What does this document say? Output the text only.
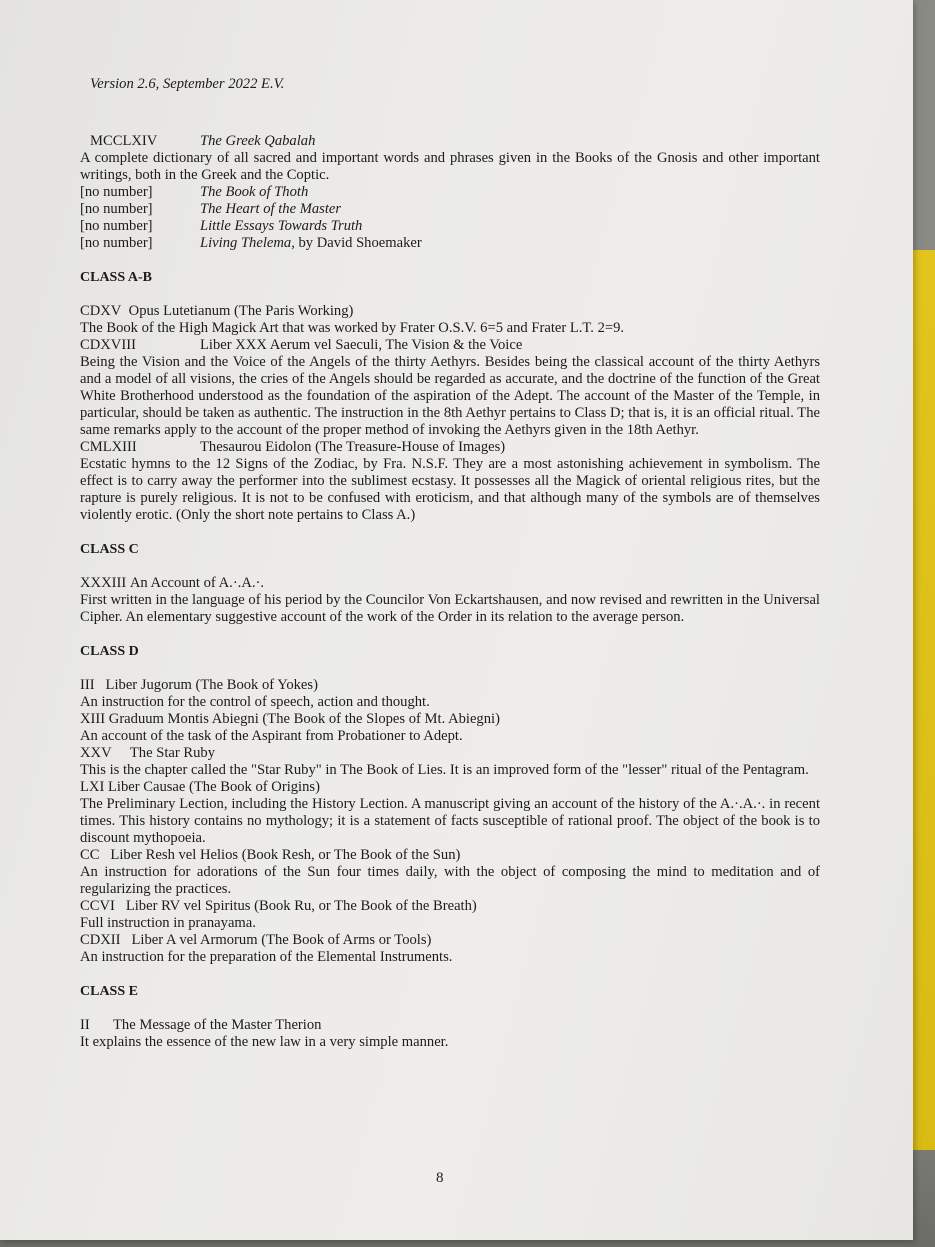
Version 2.6, September 2022 E.V.
MCCLXIV	The Greek Qabalah
A complete dictionary of all sacred and important words and phrases given in the Books of the Gnosis and other important writings, both in the Greek and the Coptic.
[no number]	The Book of Thoth
[no number]	The Heart of the Master
[no number]	Little Essays Towards Truth
[no number]	Living Thelema, by David Shoemaker
CLASS A-B
CDXV Opus Lutetianum (The Paris Working)
The Book of the High Magick Art that was worked by Frater O.S.V. 6=5 and Frater L.T. 2=9.
CDXVIII	Liber XXX Aerum vel Saeculi, The Vision & the Voice
Being the Vision and the Voice of the Angels of the thirty Aethyrs. Besides being the classical account of the thirty Aethyrs and a model of all visions, the cries of the Angels should be regarded as accurate, and the doctrine of the function of the Great White Brotherhood understood as the foundation of the aspiration of the Adept. The account of the Master of the Temple, in particular, should be taken as authentic. The instruction in the 8th Aethyr pertains to Class D; that is, it is an official ritual. The same remarks apply to the account of the proper method of invoking the Aethyrs given in the 18th Aethyr.
CMLXIII	Thesaurou Eidolon (The Treasure-House of Images)
Ecstatic hymns to the 12 Signs of the Zodiac, by Fra. N.S.F. They are a most astonishing achievement in symbolism. The effect is to carry away the performer into the sublimest ecstasy. It possesses all the Magick of oriental religious rites, but the rapture is purely religious. It is not to be confused with eroticism, and that although many of the symbols are of themselves violently erotic. (Only the short note pertains to Class A.)
CLASS C
XXXIII An Account of A.·.A.·.
First written in the language of his period by the Councilor Von Eckartshausen, and now revised and rewritten in the Universal Cipher. An elementary suggestive account of the work of the Order in its relation to the average person.
CLASS D
III Liber Jugorum (The Book of Yokes)
An instruction for the control of speech, action and thought.
XIII Graduum Montis Abiegni (The Book of the Slopes of Mt. Abiegni)
An account of the task of the Aspirant from Probationer to Adept.
XXV The Star Ruby
This is the chapter called the "Star Ruby" in The Book of Lies. It is an improved form of the "lesser" ritual of the Pentagram.
LXI Liber Causae (The Book of Origins)
The Preliminary Lection, including the History Lection. A manuscript giving an account of the history of the A.·.A.·. in recent times. This history contains no mythology; it is a statement of facts susceptible of rational proof. The object of the book is to discount mythopoeia.
CC Liber Resh vel Helios (Book Resh, or The Book of the Sun)
An instruction for adorations of the Sun four times daily, with the object of composing the mind to meditation and of regularizing the practices.
CCVI Liber RV vel Spiritus (Book Ru, or The Book of the Breath)
Full instruction in pranayama.
CDXII Liber A vel Armorum (The Book of Arms or Tools)
An instruction for the preparation of the Elemental Instruments.
CLASS E
II The Message of the Master Therion
It explains the essence of the new law in a very simple manner.
8
